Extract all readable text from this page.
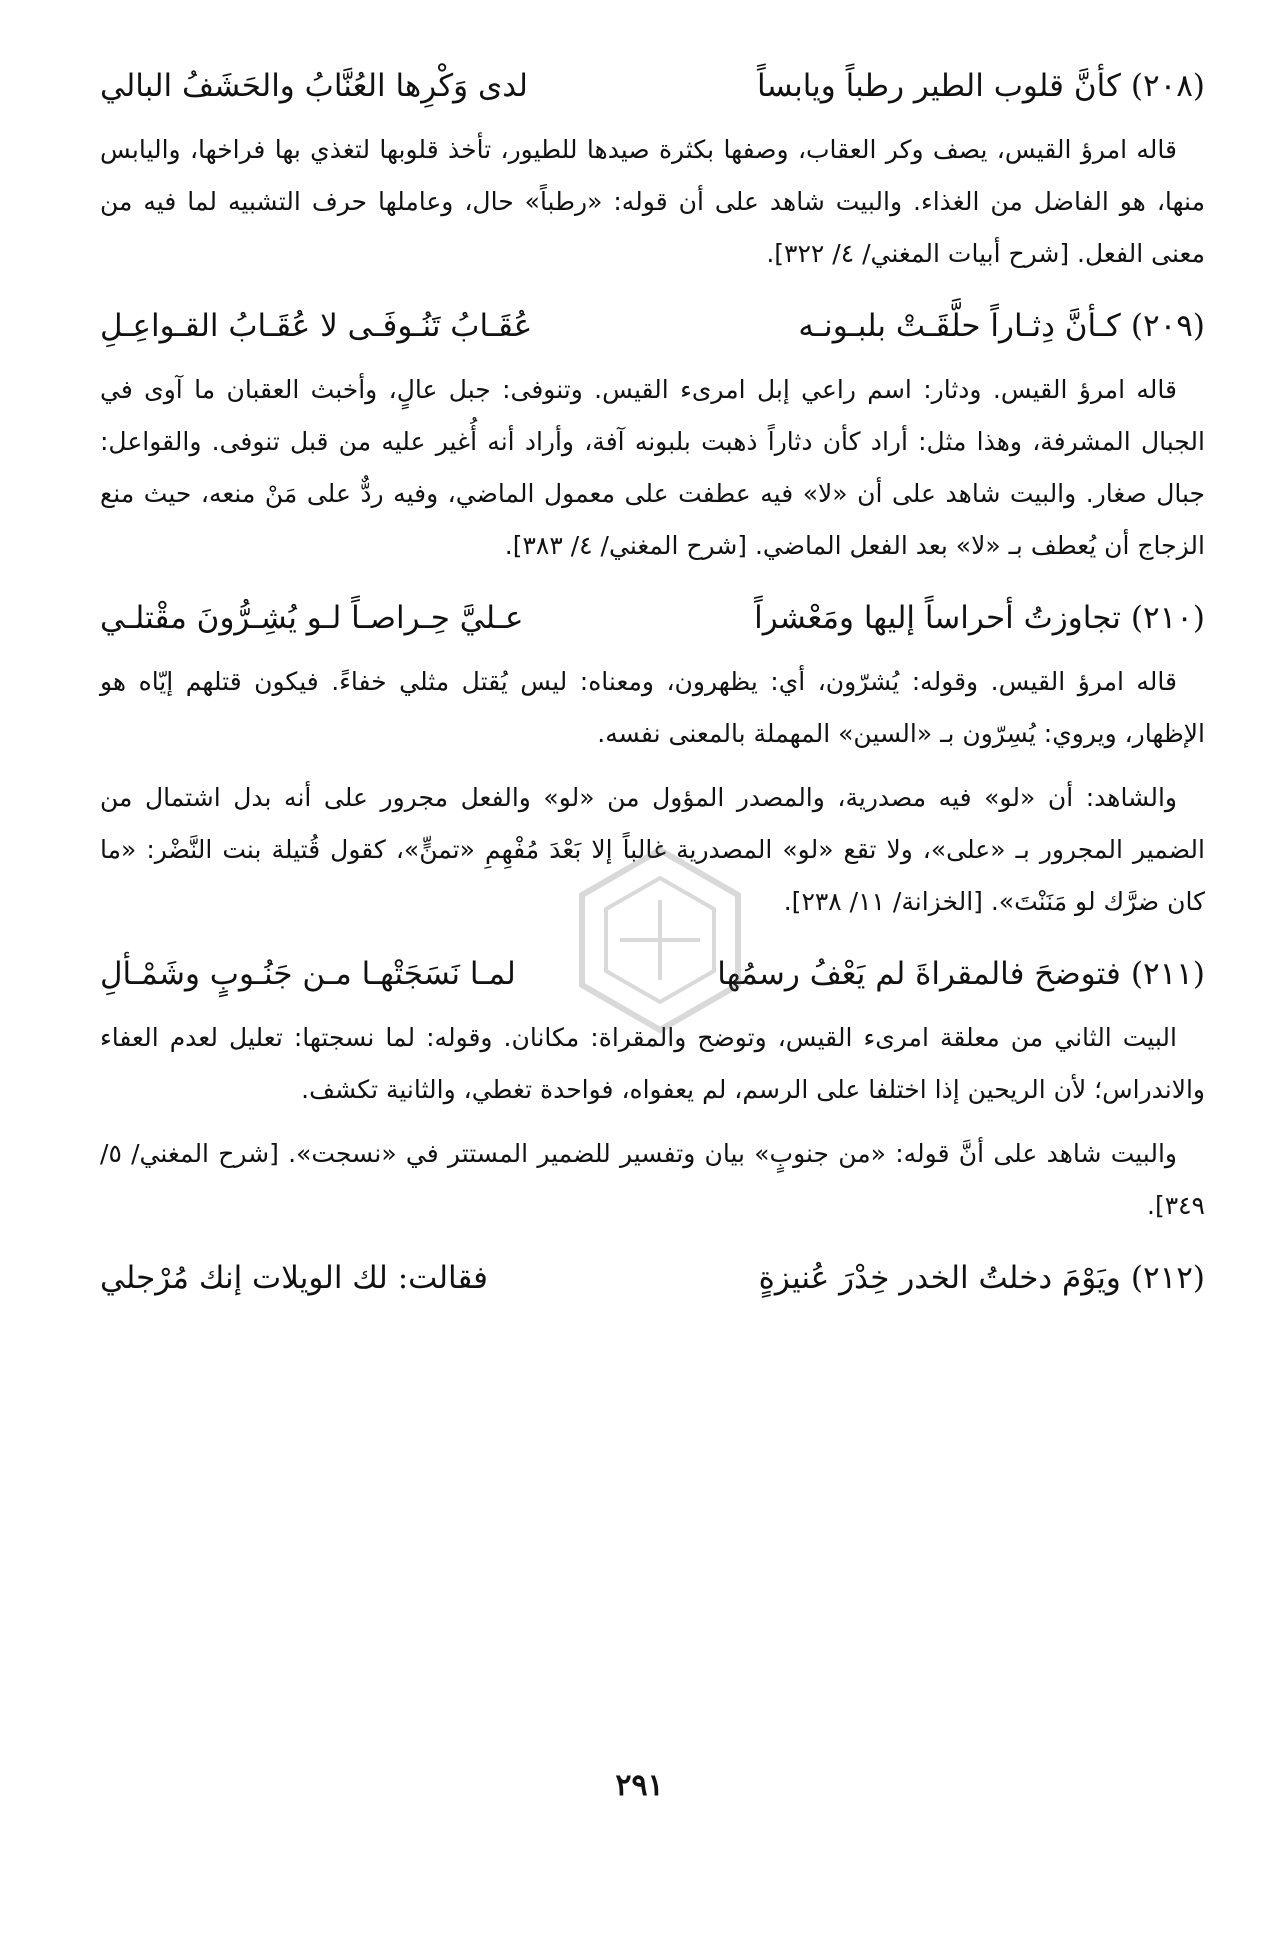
(٢٠٨)
كأنَّ قلوب الطير رطباً ويابساً
لدى وَكْرِها العُنَّابُ والحَشَفُ البالي

قاله امرؤ القيس، يصف وكر العقاب، وصفها بكثرة صيدها للطيور، تأخذ قلوبها لتغذي بها فراخها، واليابس منها، هو الفاضل من الغذاء. والبيت شاهد على أن قوله: «رطباً» حال، وعاملها حرف التشبيه لما فيه من معنى الفعل. [شرح أبيات المغني/ ٤/ ٣٢٢].

(٢٠٩)
كـأنَّ دِثـاراً حلَّقَـتْ بلبـونـه
عُقَـابُ تَنُـوفَـى لا عُقَـابُ القـواعِـلِ

قاله امرؤ القيس. ودثار: اسم راعي إبل امرىء القيس. وتنوفى: جبل عالٍ، وأخبث العقبان ما آوى في الجبال المشرفة، وهذا مثل: أراد كأن دثاراً ذهبت بلبونه آفة، وأراد أنه أُغير عليه من قبل تنوفى. والقواعل: جبال صغار. والبيت شاهد على أن «لا» فيه عطفت على معمول الماضي، وفيه ردٌّ على مَنْ منعه، حيث منع الزجاج أن يُعطف بـ «لا» بعد الفعل الماضي. [شرح المغني/ ٤/ ٣٨٣].

(٢١٠)
تجاوزتُ أحراساً إليها ومَعْشراً
عـليَّ حِـراصـاً لـو يُشِـرُّونَ مقْتلـي

قاله امرؤ القيس. وقوله: يُشرّون، أي: يظهرون، ومعناه: ليس يُقتل مثلي خفاءً. فيكون قتلهم إيّاه هو الإظهار، ويروي: يُسِرّون بـ «السين» المهملة بالمعنى نفسه.

والشاهد: أن «لو» فيه مصدرية، والمصدر المؤول من «لو» والفعل مجرور على أنه بدل اشتمال من الضمير المجرور بـ «على»، ولا تقع «لو» المصدرية غالباً إلا بَعْدَ مُفْهِمِ «تمنٍّ»، كقول قُتيلة بنت النَّضْر: «ما كان ضرَّك لو مَنَنْتَ». [الخزانة/ ١١/ ٢٣٨].

(٢١١)
فتوضحَ فالمقراةَ لم يَعْفُ رسمُها
لمـا نَسَجَتْهـا مـن جَنُـوبٍ وشَمْـألِ

البيت الثاني من معلقة امرىء القيس، وتوضح والمقراة: مكانان. وقوله: لما نسجتها: تعليل لعدم العفاء والاندراس؛ لأن الريحين إذا اختلفا على الرسم، لم يعفواه، فواحدة تغطي، والثانية تكشف.

والبيت شاهد على أنَّ قوله: «من جنوبٍ» بيان وتفسير للضمير المستتر في «نسجت». [شرح المغني/ ٥/ ٣٤٩].

(٢١٢)
ويَوْمَ دخلتُ الخدر خِدْرَ عُنيزةٍ
فقالت: لك الويلات إنك مُرْجلي
٢٩١
